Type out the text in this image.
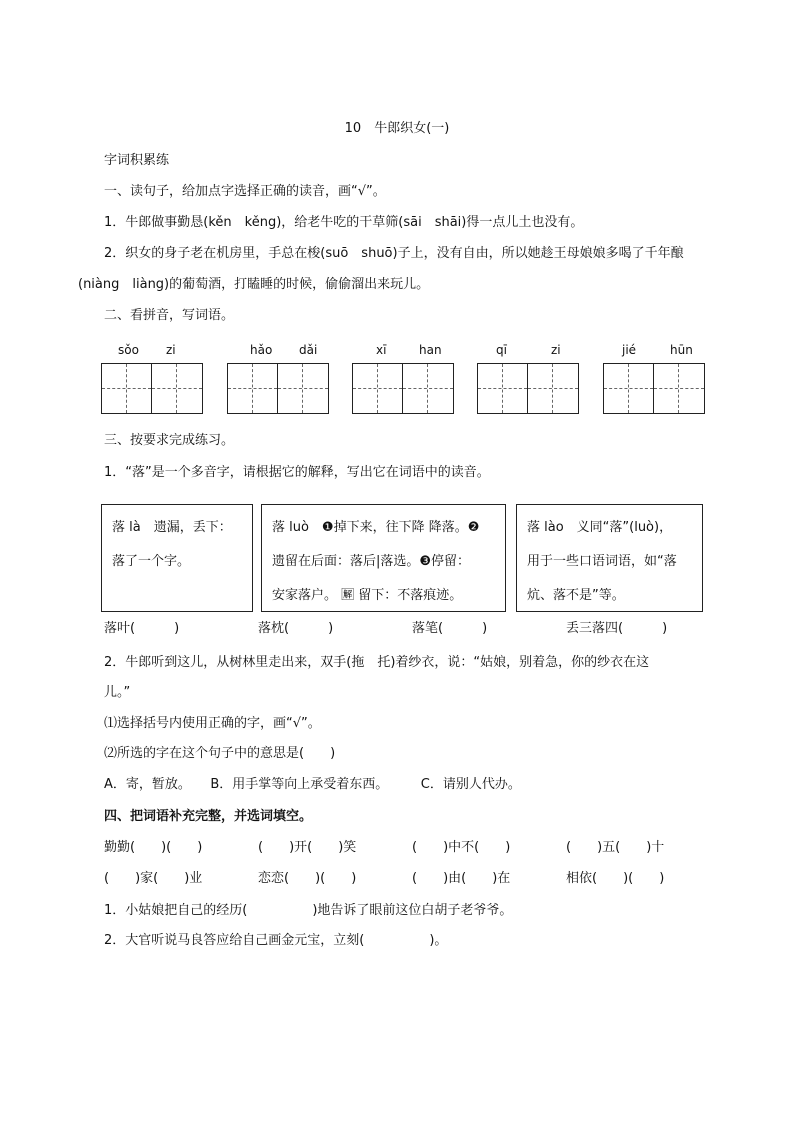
10　牛郎织女(一)
字词积累练
一、读句子，给加点字选择正确的读音，画“√”。
1．牛郎做事勤恳(kěn　kěng)，给老牛吃的干草筛(sāi　shāi)得一点儿土也没有。
2．织女的身子老在机房里，手总在梭(suō　shuō)子上，没有自由，所以她趁王母娘娘多喝了千年酿
(niàng　liàng)的葡萄酒，打瞌睡的时候，偷偷溜出来玩儿。
二、看拼音，写词语。
sǒo zi	hǎo dǎi	xī	han	qī	zi	jié	hūn
三、按要求完成练习。
1．“落”是一个多音字，请根据它的解释，写出它在词语中的读音。
落 là　遗漏，丢下：
落了一个字。
落 luò　❶掉下来，往下降 降落。❷
遗留在后面：落后|落选。❸停留：
安家落户。 🈖 留下：不落痕迹。
落 lào　义同“落”(luò)，
用于一些口语词语，如“落
炕、落不是”等。
落叶(　　　)	落枕(　　　)	落笔(　　　)	丢三落四(　　　)
2．牛郎听到这儿，从树林里走出来，双手(拖　托)着纱衣，说：“姑娘，别着急，你的纱衣在这
儿。”
⑴选择括号内使用正确的字，画“√”。
⑵所选的字在这个句子中的意思是(　　)
A．寄，暂放。　　B．用手掌等向上承受着东西。　　　C．请别人代办。
四、把词语补充完整，并选词填空。
勤勤(　　)(　　)	(　　)开(　　)笑	(　　)中不(　　)	(　　)五(　　)十
(　　)家(　　)业	恋恋(　　)(　　)	(　　)由(　　)在	相依(　　)(　　)
1．小姑娘把自己的经历(　　　　　)地告诉了眼前这位白胡子老爷爷。
2．大官听说马良答应给自己画金元宝，立刻(　　　　　)。
